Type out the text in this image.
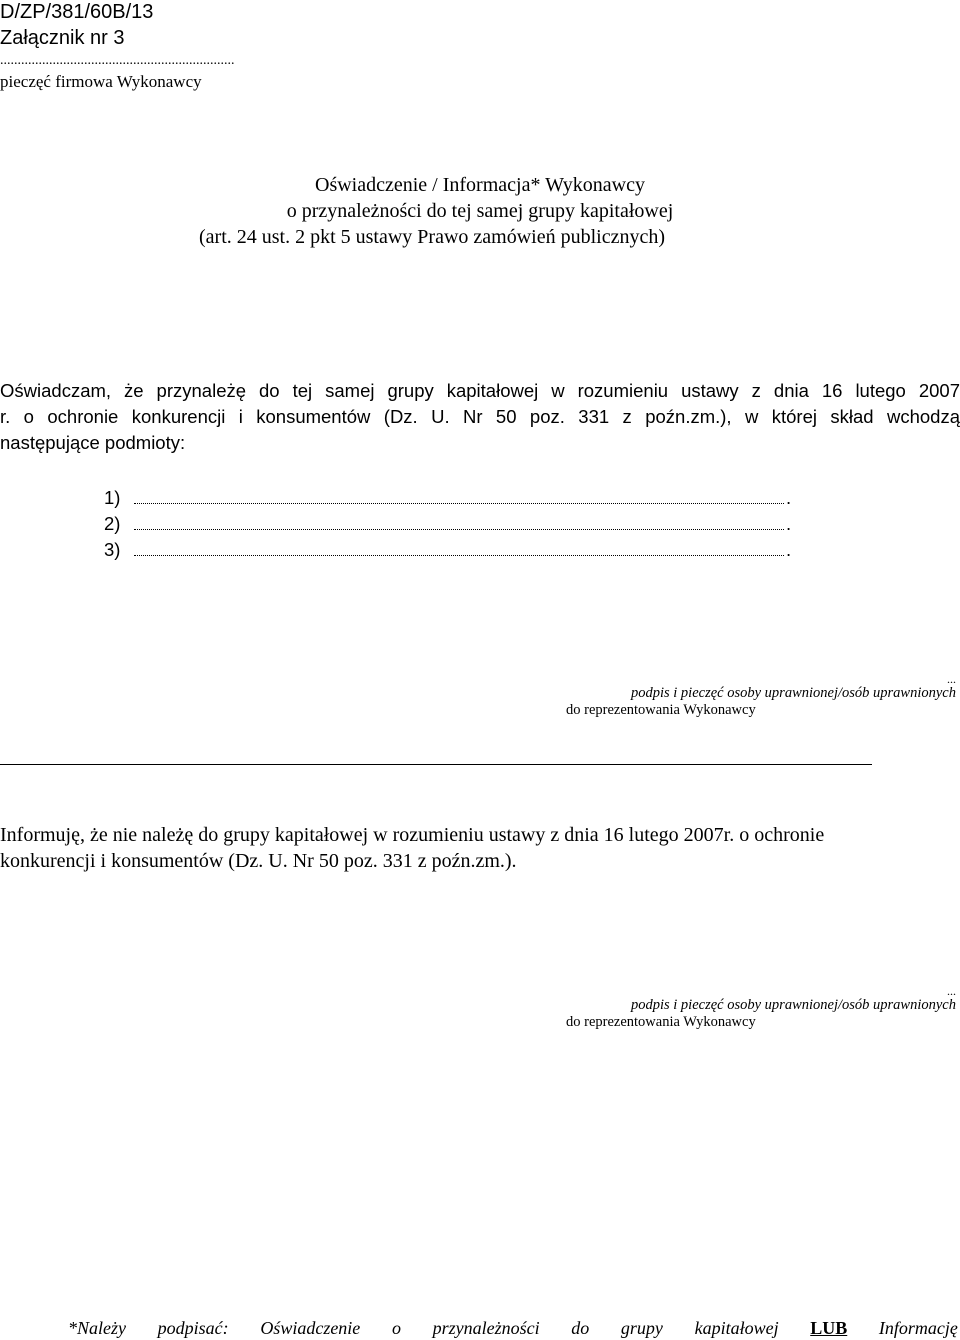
D/ZP/381/60B/13
Załącznik nr 3
...................................................................
pieczęć firmowa Wykonawcy
Oświadczenie / Informacja* Wykonawcy
o przynależności do tej samej grupy kapitałowej
(art. 24 ust. 2 pkt 5 ustawy Prawo zamówień publicznych)
Oświadczam, że przynależę do tej samej grupy kapitałowej w rozumieniu ustawy z dnia 16 lutego 2007
r. o ochronie konkurencji i konsumentów (Dz. U. Nr 50 poz. 331 z poźn.zm.), w której skład wchodzą
następujące podmioty:
1)	.
2)	.
3)	.
...
podpis i pieczęć osoby uprawnionej/osób uprawnionych
do reprezentowania Wykonawcy
Informuję, że nie należę do grupy kapitałowej w rozumieniu ustawy z dnia 16 lutego 2007r. o ochronie
konkurencji i konsumentów (Dz. U. Nr 50 poz. 331 z poźn.zm.).
...
podpis i pieczęć osoby uprawnionej/osób uprawnionych
do reprezentowania Wykonawcy
*Należy podpisać: Oświadczenie o przynależności do grupy kapitałowej LUB Informację
